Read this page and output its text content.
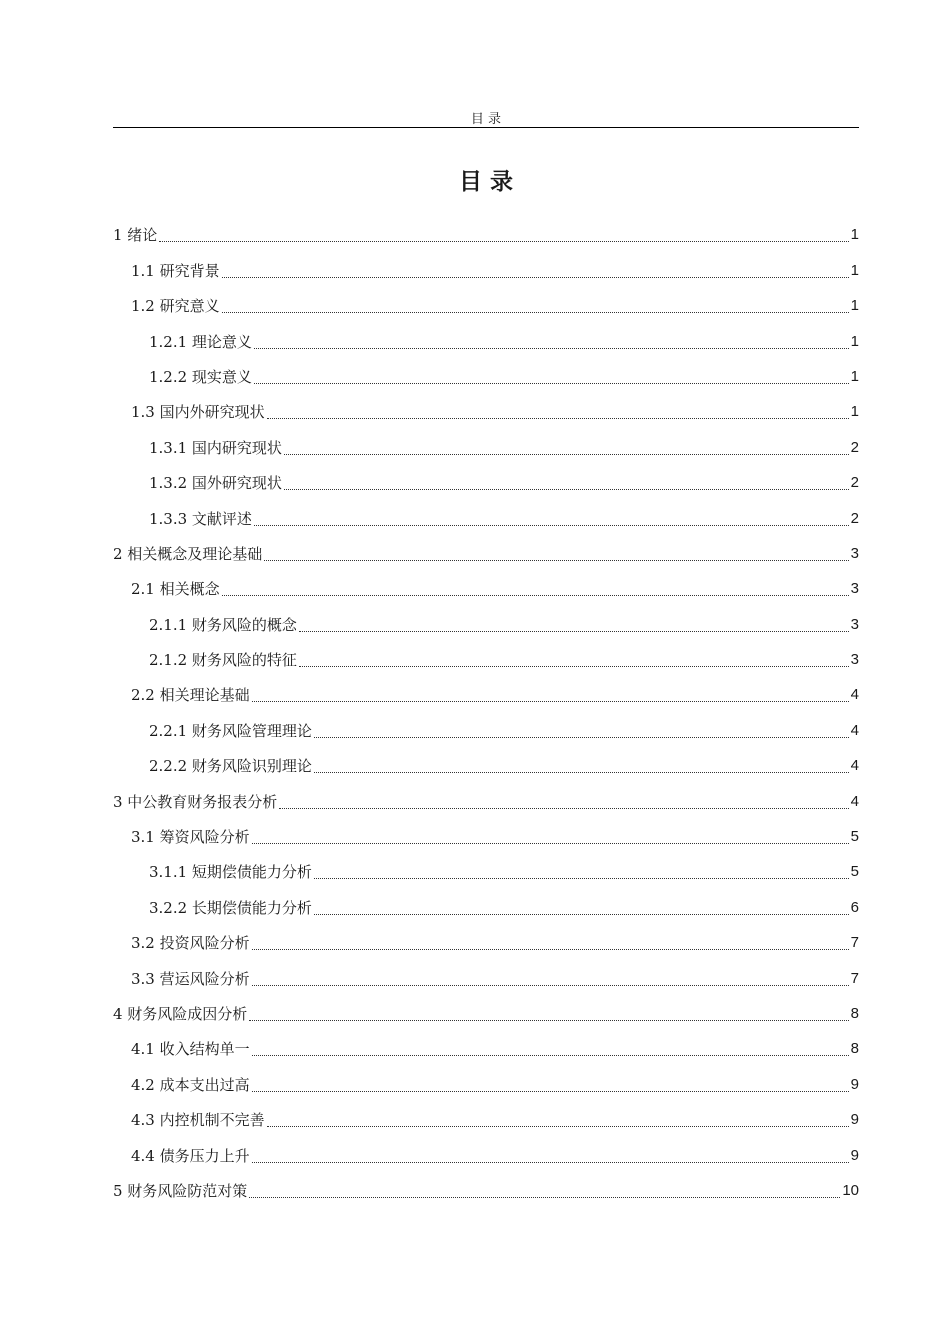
目 录
目 录
1 绪论	1
1.1 研究背景	1
1.2 研究意义	1
1.2.1 理论意义	1
1.2.2 现实意义	1
1.3 国内外研究现状	1
1.3.1 国内研究现状	2
1.3.2 国外研究现状	2
1.3.3 文献评述	2
2 相关概念及理论基础	3
2.1 相关概念	3
2.1.1 财务风险的概念	3
2.1.2 财务风险的特征	3
2.2 相关理论基础	4
2.2.1 财务风险管理理论	4
2.2.2 财务风险识别理论	4
3 中公教育财务报表分析	4
3.1 筹资风险分析	5
3.1.1 短期偿债能力分析	5
3.2.2 长期偿债能力分析	6
3.2 投资风险分析	7
3.3 营运风险分析	7
4 财务风险成因分析	8
4.1 收入结构单一	8
4.2 成本支出过高	9
4.3 内控机制不完善	9
4.4 债务压力上升	9
5 财务风险防范对策	10
